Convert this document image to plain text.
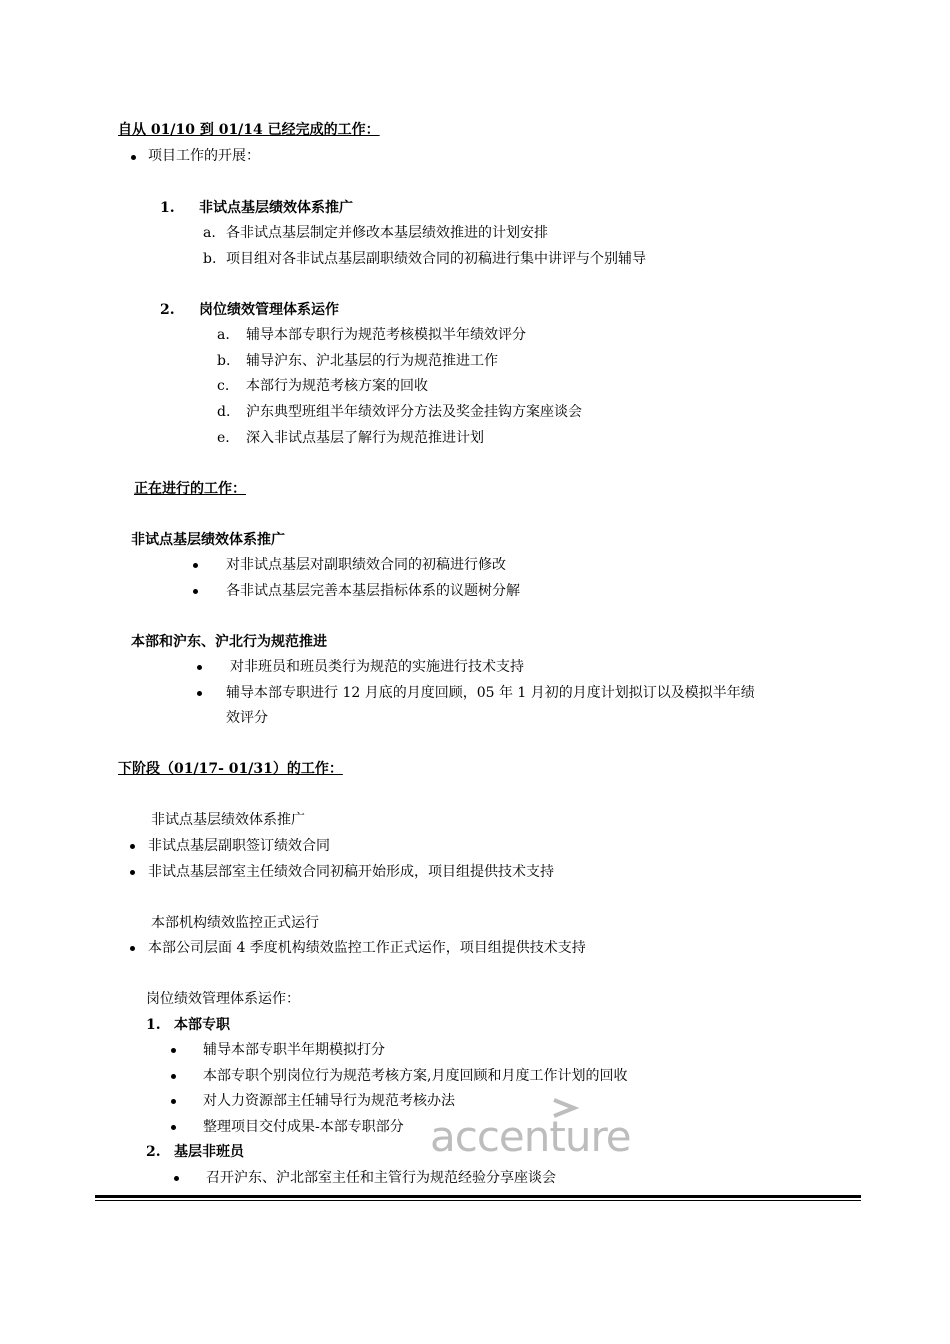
自从 01/10 到 01/14 已经完成的工作：
项目工作的开展：
1. 非试点基层绩效体系推广
a. 各非试点基层制定并修改本基层绩效推进的计划安排
b. 项目组对各非试点基层副职绩效合同的初稿进行集中讲评与个别辅导
2. 岗位绩效管理体系运作
a. 辅导本部专职行为规范考核模拟半年绩效评分
b. 辅导沪东、沪北基层的行为规范推进工作
c. 本部行为规范考核方案的回收
d. 沪东典型班组半年绩效评分方法及奖金挂钩方案座谈会
e. 深入非试点基层了解行为规范推进计划
正在进行的工作：
非试点基层绩效体系推广
对非试点基层对副职绩效合同的初稿进行修改
各非试点基层完善本基层指标体系的议题树分解
本部和沪东、沪北行为规范推进
对非班员和班员类行为规范的实施进行技术支持
辅导本部专职进行 12 月底的月度回顾，05 年 1 月初的月度计划拟订以及模拟半年绩
效评分
下阶段（01/17- 01/31）的工作：
非试点基层绩效体系推广
非试点基层副职签订绩效合同
非试点基层部室主任绩效合同初稿开始形成，项目组提供技术支持
本部机构绩效监控正式运行
本部公司层面 4 季度机构绩效监控工作正式运作，项目组提供技术支持
岗位绩效管理体系运作：
1. 本部专职
辅导本部专职半年期模拟打分
本部专职个别岗位行为规范考核方案,月度回顾和月度工作计划的回收
对人力资源部主任辅导行为规范考核办法
整理项目交付成果-本部专职部分
2. 基层非班员
召开沪东、沪北部室主任和主管行为规范经验分享座谈会
accenture
